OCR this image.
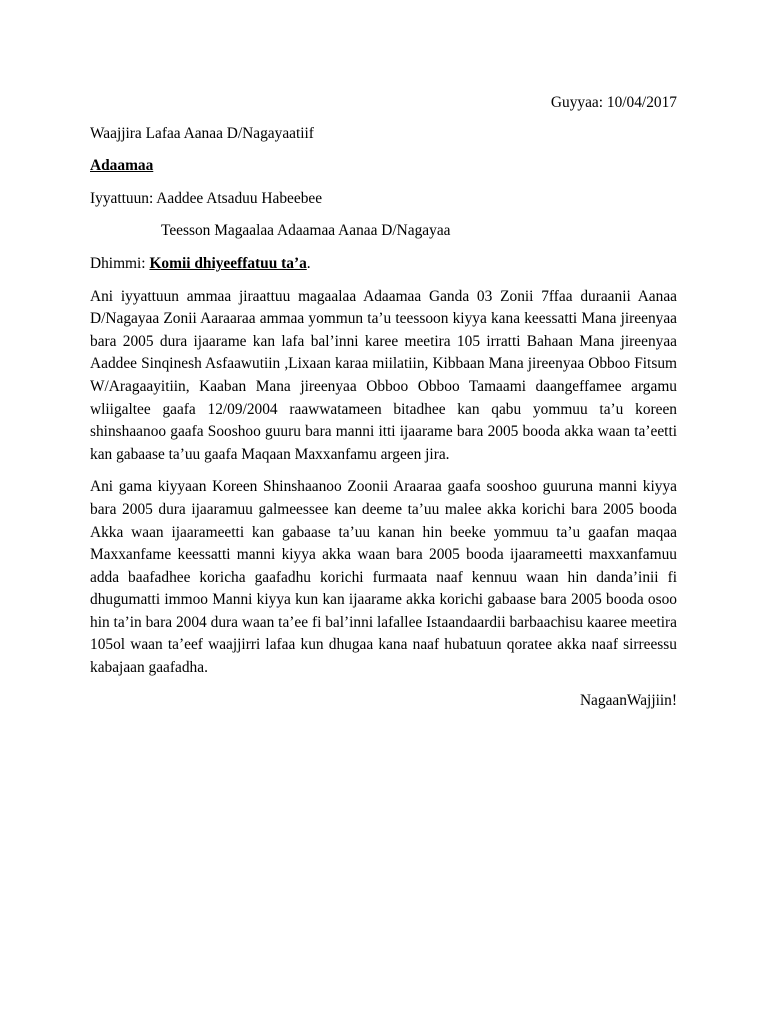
Guyyaa: 10/04/2017

Waajjira Lafaa Aanaa D/Nagayaatiif

Adaamaa

Iyyattuun: Aaddee Atsaduu Habeebee

Teesson Magaalaa Adaamaa Aanaa D/Nagayaa

Dhimmi: Komii dhiyeeffatuu ta’a.

Ani iyyattuun ammaa jiraattuu magaalaa Adaamaa Ganda 03 Zonii 7ffaa duraanii Aanaa D/Nagayaa Zonii Aaraaraa ammaa yommun ta’u teessoon kiyya kana keessatti Mana jireenyaa bara 2005 dura ijaarame kan lafa bal’inni karee meetira 105 irratti Bahaan Mana jireenyaa Aaddee Sinqinesh Asfaawutiin ,Lixaan karaa miilatiin, Kibbaan Mana jireenyaa Obboo Fitsum W/Aragaayitiin, Kaaban Mana jireenyaa Obboo Obboo Tamaami daangeffamee argamu wliigaltee gaafa 12/09/2004 raawwatameen bitadhee kan qabu yommuu ta’u koreen shinshaanoo gaafa Sooshoo guuru bara manni itti ijaarame bara 2005 booda akka waan ta’eetti kan gabaase ta’uu gaafa Maqaan Maxxanfamu argeen jira.

Ani gama kiyyaan Koreen Shinshaanoo Zoonii Araaraa gaafa sooshoo guuruna manni kiyya bara 2005 dura ijaaramuu galmeessee kan deeme ta’uu malee akka korichi bara 2005 booda Akka waan ijaarameetti kan gabaase ta’uu kanan hin beeke yommuu ta’u gaafan maqaa Maxxanfame keessatti manni kiyya akka waan bara 2005 booda ijaarameetti maxxanfamuu adda baafadhee koricha gaafadhu korichi furmaata naaf kennuu waan hin danda’inii fi dhugumatti immoo Manni kiyya kun kan ijaarame akka korichi gabaase bara 2005 booda osoo hin ta’in bara 2004 dura waan ta’ee fi bal’inni lafallee Istaandaardii barbaachisu kaaree meetira 105ol waan ta’eef waajjirri lafaa kun dhugaa kana naaf hubatuun qoratee akka naaf sirreessu kabajaan gaafadha.

NagaanWajjiin!
